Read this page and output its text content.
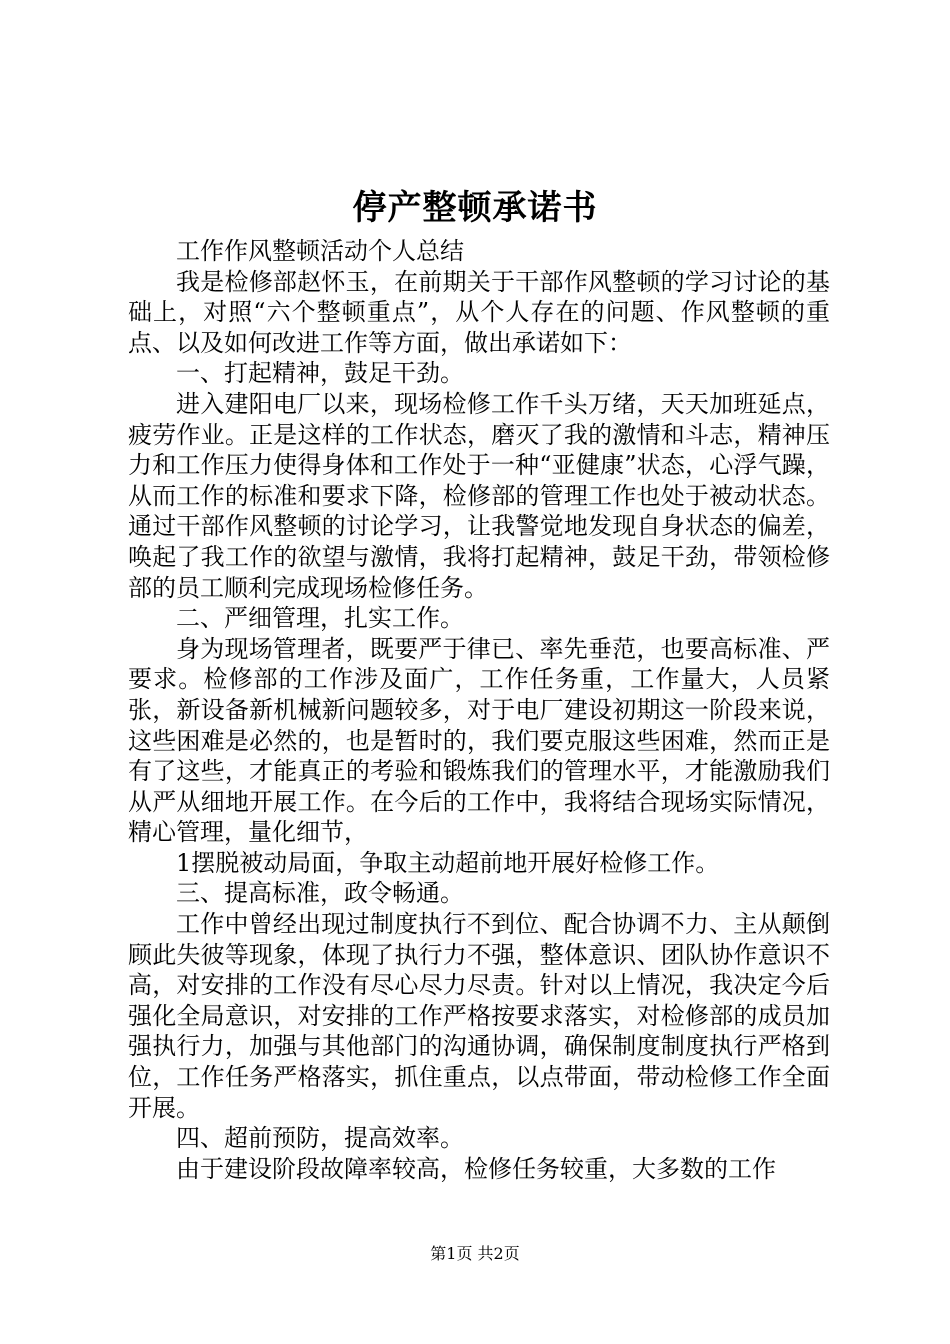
停产整顿承诺书

工作作风整顿活动个人总结

我是检修部赵怀玉，在前期关于干部作风整顿的学习讨论的基础上，对照“六个整顿重点”，从个人存在的问题、作风整顿的重点、以及如何改进工作等方面，做出承诺如下：

一、打起精神，鼓足干劲。

进入建阳电厂以来，现场检修工作千头万绪，天天加班延点，疲劳作业。正是这样的工作状态，磨灭了我的激情和斗志，精神压力和工作压力使得身体和工作处于一种“亚健康”状态，心浮气躁，从而工作的标准和要求下降，检修部的管理工作也处于被动状态。通过干部作风整顿的讨论学习，让我警觉地发现自身状态的偏差，唤起了我工作的欲望与激情，我将打起精神，鼓足干劲，带领检修部的员工顺利完成现场检修任务。

二、严细管理，扎实工作。

身为现场管理者，既要严于律已、率先垂范，也要高标准、严要求。检修部的工作涉及面广，工作任务重，工作量大，人员紧张，新设备新机械新问题较多，对于电厂建设初期这一阶段来说，这些困难是必然的，也是暂时的，我们要克服这些困难，然而正是有了这些，才能真正的考验和锻炼我们的管理水平，才能激励我们从严从细地开展工作。在今后的工作中，我将结合现场实际情况，精心管理，量化细节，

1摆脱被动局面，争取主动超前地开展好检修工作。

三、提高标准，政令畅通。

工作中曾经出现过制度执行不到位、配合协调不力、主从颠倒顾此失彼等现象，体现了执行力不强，整体意识、团队协作意识不高，对安排的工作没有尽心尽力尽责。针对以上情况，我决定今后强化全局意识，对安排的工作严格按要求落实，对检修部的成员加强执行力，加强与其他部门的沟通协调，确保制度制度执行严格到位，工作任务严格落实，抓住重点，以点带面，带动检修工作全面开展。

四、超前预防，提高效率。

由于建设阶段故障率较高，检修任务较重，大多数的工作

第1页 共2页
